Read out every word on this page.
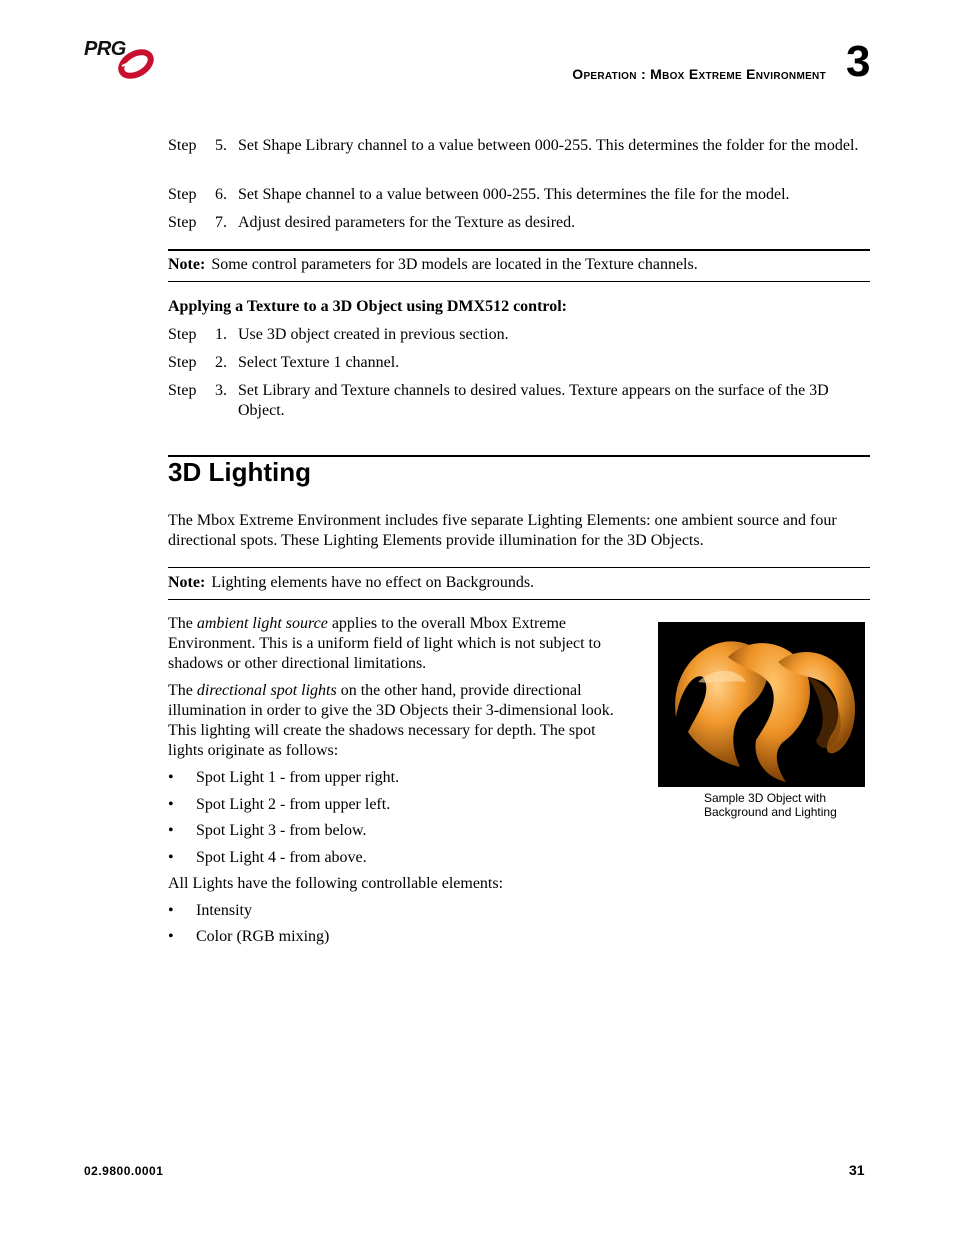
PRG
Operation : Mbox Extreme Environment 3
Step 5. Set Shape Library channel to a value between 000-255. This determines the folder for the model.
Step 6. Set Shape channel to a value between 000-255. This determines the file for the model.
Step 7. Adjust desired parameters for the Texture as desired.
Note: Some control parameters for 3D models are located in the Texture channels.
Applying a Texture to a 3D Object using DMX512 control:
Step 1. Use 3D object created in previous section.
Step 2. Select Texture 1 channel.
Step 3. Set Library and Texture channels to desired values. Texture appears on the surface of the 3D Object.
3D Lighting
The Mbox Extreme Environment includes five separate Lighting Elements: one ambient source and four directional spots. These Lighting Elements provide illumination for the 3D Objects.
Note: Lighting elements have no effect on Backgrounds.
The ambient light source applies to the overall Mbox Extreme Environment. This is a uniform field of light which is not subject to shadows or other directional limitations.
The directional spot lights on the other hand, provide directional illumination in order to give the 3D Objects their 3-dimensional look. This lighting will create the shadows necessary for depth. The spot lights originate as follows:
• Spot Light 1 - from upper right.
• Spot Light 2 - from upper left.
• Spot Light 3 - from below.
• Spot Light 4 - from above.
All Lights have the following controllable elements:
• Intensity
• Color (RGB mixing)
Sample 3D Object with
Background and Lighting
02.9800.0001	31
